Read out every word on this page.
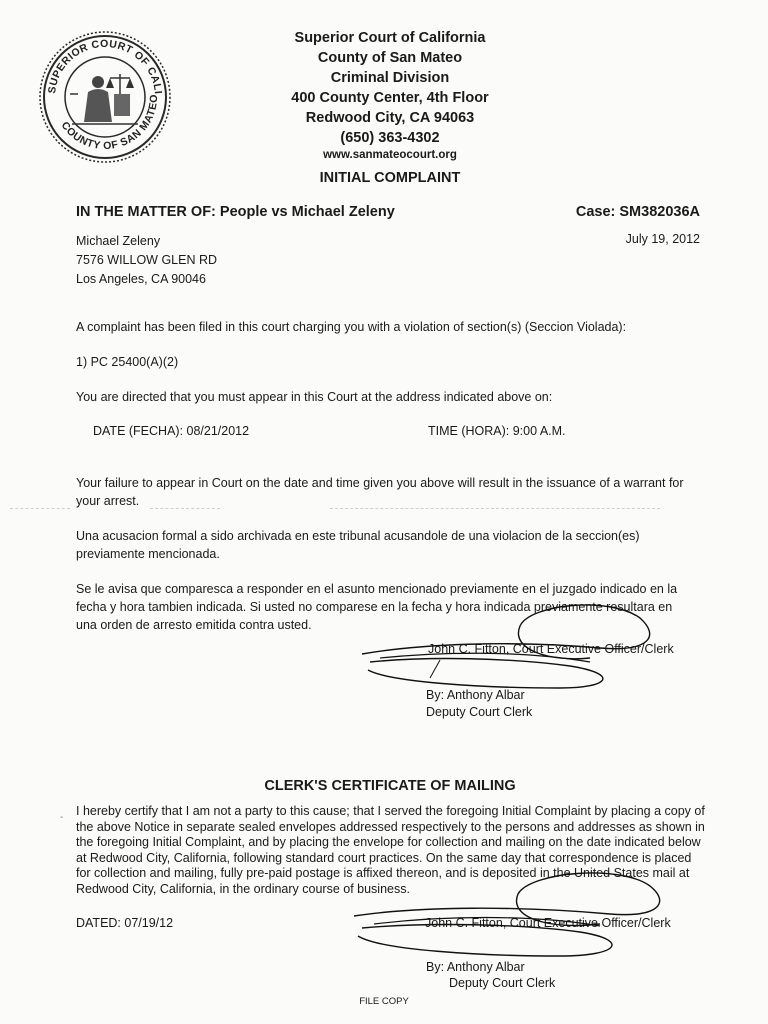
SUPERIOR COURT OF CALIFORNIA
COUNTY OF SAN MATEO
Superior Court of California
County of San Mateo
Criminal Division
400 County Center, 4th Floor
Redwood City, CA 94063
(650) 363-4302
www.sanmateocourt.org
INITIAL COMPLAINT
IN THE MATTER OF: People vs Michael Zeleny	Case: SM382036A
July 19, 2012
Michael Zeleny
7576 WILLOW GLEN RD
Los Angeles, CA 90046
A complaint has been filed in this court charging you with a violation of section(s) (Seccion Violada):
1) PC 25400(A)(2)
You are directed that you must appear in this Court at the address indicated above on:
DATE (FECHA): 08/21/2012	TIME (HORA): 9:00 A.M.
Your failure to appear in Court on the date and time given you above will result in the issuance of a warrant for your arrest.
Una acusacion formal a sido archivada en este tribunal acusandole de una violacion de la seccion(es) previamente mencionada.
Se le avisa que comparesca a responder en el asunto mencionado previamente en el juzgado indicado en la fecha y hora tambien indicada. Si usted no comparese en la fecha y hora indicada previamente resultara en una orden de arresto emitida contra usted.
John C. Fitton, Court Executive Officer/Clerk
By: Anthony Albar
Deputy Court Clerk
CLERK'S CERTIFICATE OF MAILING
- I hereby certify that I am not a party to this cause; that I served the foregoing Initial Complaint by placing a copy of the above Notice in separate sealed envelopes addressed respectively to the persons and addresses as shown in the foregoing Initial Complaint, and by placing the envelope for collection and mailing on the date indicated below at Redwood City, California, following standard court practices. On the same day that correspondence is placed for collection and mailing, fully pre-paid postage is affixed thereon, and is deposited in the United States mail at Redwood City, California, in the ordinary course of business.
DATED: 07/19/12	John C. Fitton, Court Executive Officer/Clerk
By: Anthony Albar
Deputy Court Clerk
FILE COPY
